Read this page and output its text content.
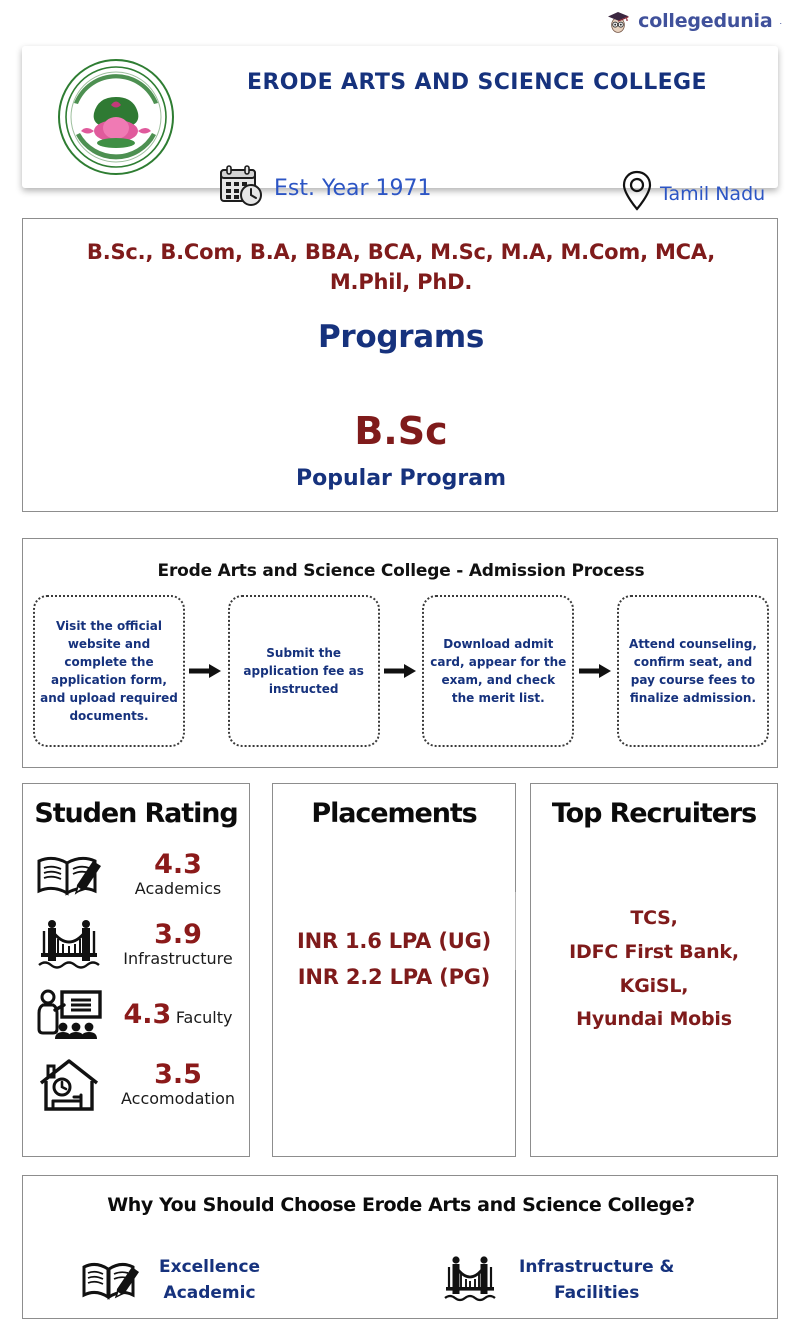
collegedunia .
ERODE ARTS AND SCIENCE COLLEGE
Est. Year 1971	Tamil Nadu
B.Sc., B.Com, B.A, BBA, BCA, M.Sc, M.A, M.Com, MCA, M.Phil, PhD.
Programs
B.Sc
Popular Program
Erode Arts and Science College - Admission Process
Visit the official website and complete the application form, and upload required documents.
Submit the application fee as instructed
Download admit card, appear for the exam, and check the merit list.
Attend counseling, confirm seat, and pay course fees to finalize admission.
Studen Rating
4.3 Academics
3.9 Infrastructure
4.3 Faculty
3.5 Accomodation
Placements
INR 1.6 LPA (UG)
INR 2.2 LPA (PG)
Top Recruiters
TCS,
IDFC First Bank,
KGiSL,
Hyundai Mobis
Why You Should Choose Erode Arts and Science College?
Excellence
Academic
Infrastructure &
Facilities
